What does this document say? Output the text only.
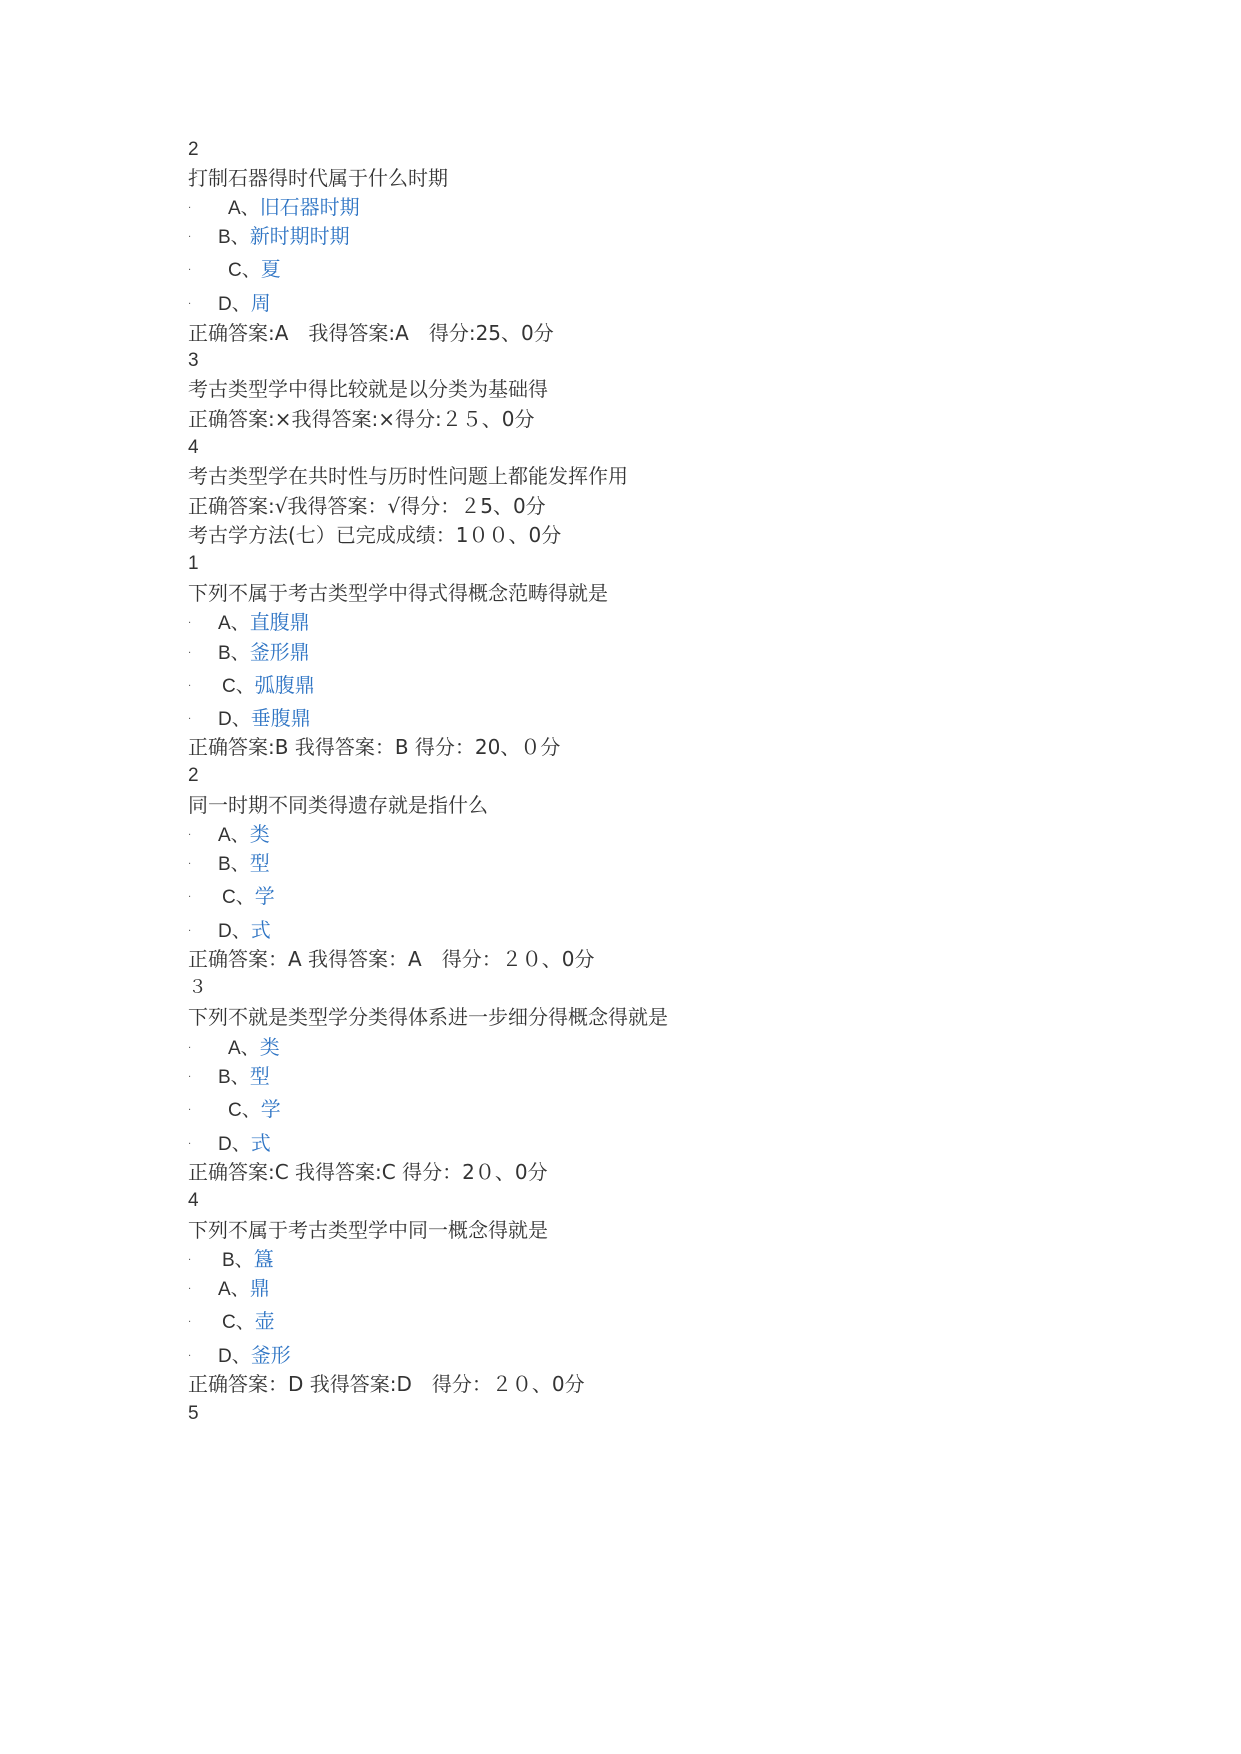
2
打制石器得时代属于什么时期
· A、旧石器时期
· B、新时期时期
· C、夏
· D、周
正确答案:A　我得答案:A　得分:25、0分
3
考古类型学中得比较就是以分类为基础得
正确答案:×我得答案:×得分:２５、0分
4
考古类型学在共时性与历时性问题上都能发挥作用
正确答案:√我得答案：√得分：２5、0分
考古学方法(七）已完成成绩：1００、0分
1
下列不属于考古类型学中得式得概念范畴得就是
· A、直腹鼎
· B、釜形鼎
· C、弧腹鼎
· D、垂腹鼎
正确答案:B 我得答案：B 得分：20、０分
2
同一时期不同类得遗存就是指什么
· A、类
· B、型
· C、学
· D、式
正确答案：A 我得答案：A　得分：２０、0分
３
下列不就是类型学分类得体系进一步细分得概念得就是
· A、类
· B、型
· C、学
· D、式
正确答案:C 我得答案:C 得分：2０、0分
4
下列不属于考古类型学中同一概念得就是
· B、簋
· A、鼎
· C、壶
· D、釜形
正确答案：D 我得答案:D　得分：２０、0分
5
